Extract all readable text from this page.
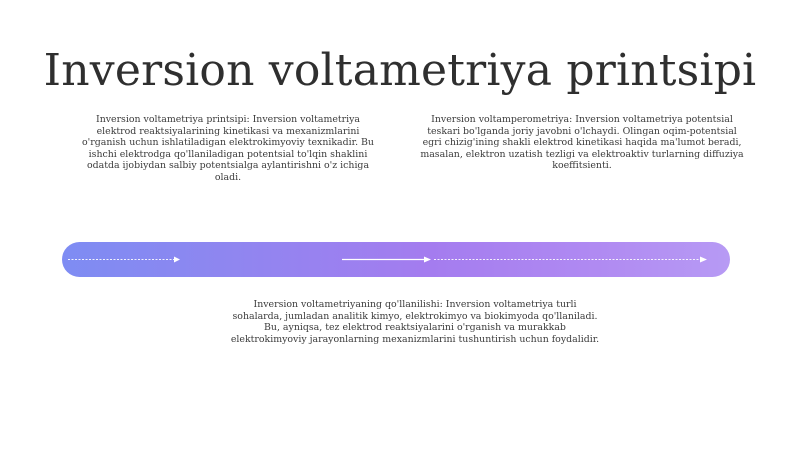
Inversion voltametriya printsipi
Inversion voltametriya printsipi: Inversion voltametriya elektrod reaktsiyalarining kinetikasi va mexanizmlarini o'rganish uchun ishlatiladigan elektrokimyoviy texnikadir. Bu ishchi elektrodga qo'llaniladigan potentsial to'lqin shaklini odatda ijobiydan salbiy potentsialga aylantirishni o'z ichiga oladi.
Inversion voltamperometriya: Inversion voltametriya potentsial teskari bo'lganda joriy javobni o'lchaydi. Olingan oqim-potentsial egri chizig'ining shakli elektrod kinetikasi haqida ma'lumot beradi, masalan, elektron uzatish tezligi va elektroaktiv turlarning diffuziya koeffitsienti.
Inversion voltametriyaning qo'llanilishi: Inversion voltametriya turli sohalarda, jumladan analitik kimyo, elektrokimyo va biokimyoda qo'llaniladi. Bu, ayniqsa, tez elektrod reaktsiyalarini o'rganish va murakkab elektrokimyoviy jarayonlarning mexanizmlarini tushuntirish uchun foydalidir.
